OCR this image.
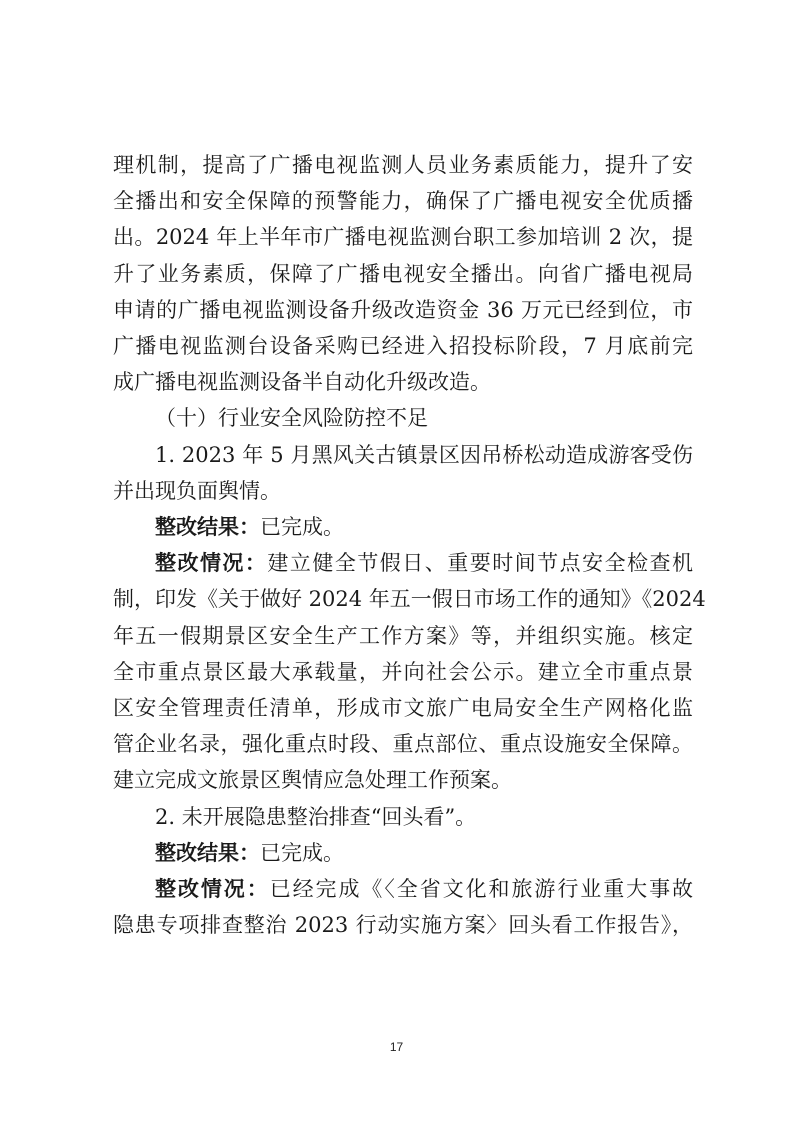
理机制，提高了广播电视监测人员业务素质能力，提升了安
全播出和安全保障的预警能力，确保了广播电视安全优质播
出。2024 年上半年市广播电视监测台职工参加培训 2 次，提
升了业务素质，保障了广播电视安全播出。向省广播电视局
申请的广播电视监测设备升级改造资金 36 万元已经到位，市
广播电视监测台设备采购已经进入招投标阶段，7 月底前完
成广播电视监测设备半自动化升级改造。
（十）行业安全风险防控不足
1. 2023 年 5 月黑风关古镇景区因吊桥松动造成游客受伤
并出现负面舆情。
整改结果：已完成。
整改情况：建立健全节假日、重要时间节点安全检查机
制，印发《关于做好 2024 年五一假日市场工作的通知》《2024
年五一假期景区安全生产工作方案》等，并组织实施。核定
全市重点景区最大承载量，并向社会公示。建立全市重点景
区安全管理责任清单，形成市文旅广电局安全生产网格化监
管企业名录，强化重点时段、重点部位、重点设施安全保障。
建立完成文旅景区舆情应急处理工作预案。
2. 未开展隐患整治排查“回头看”。
整改结果：已完成。
整改情况：已经完成《〈全省文化和旅游行业重大事故
隐患专项排查整治 2023 行动实施方案〉回头看工作报告》，
17
